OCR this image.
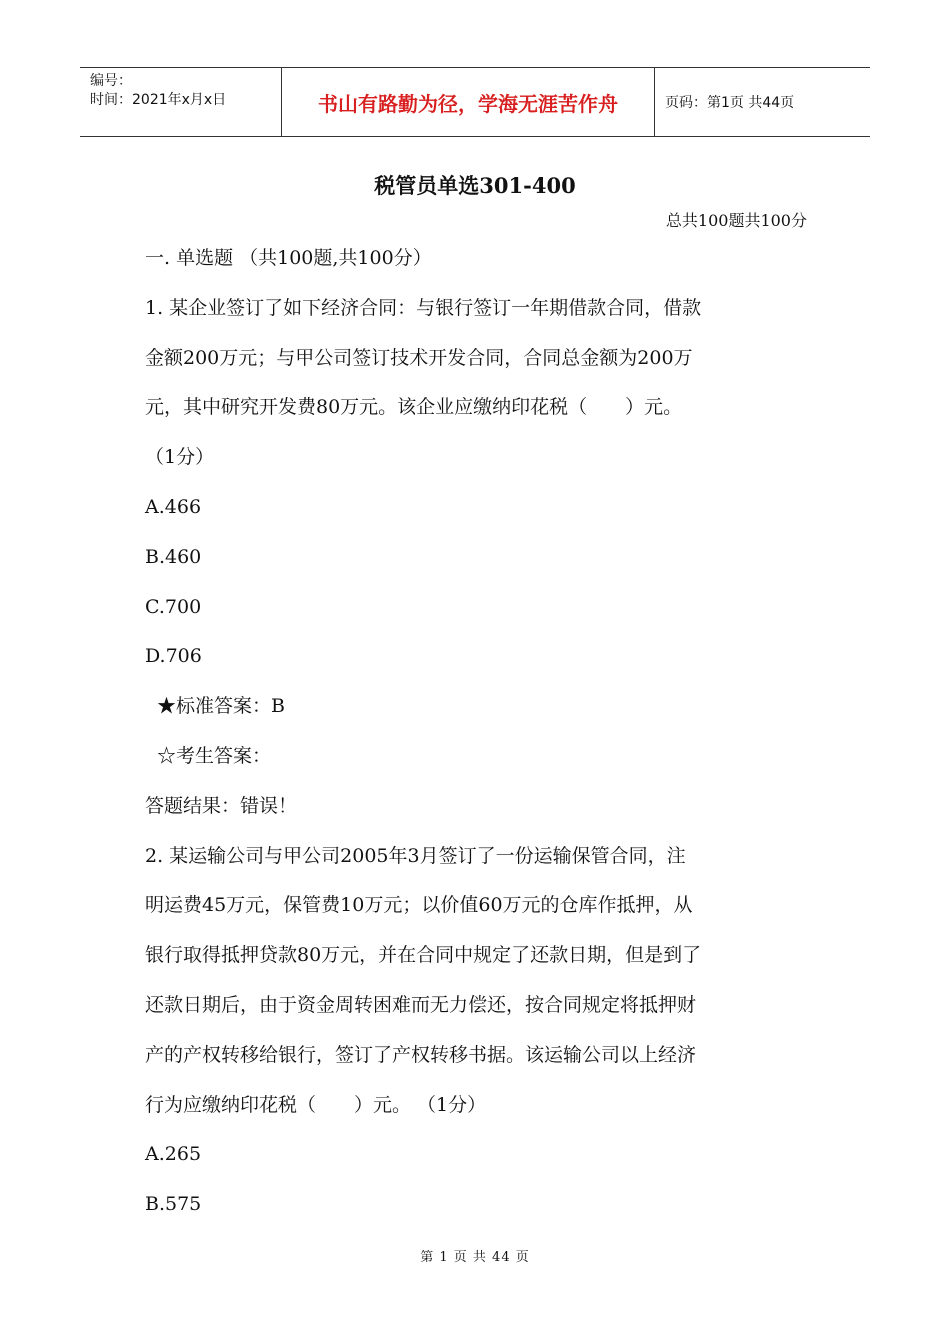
编号：
时间：2021年x月x日	书山有路勤为径，学海无涯苦作舟	页码：第1页 共44页
税管员单选301-400
总共100题共100分
一. 单选题 （共100题,共100分）
1. 某企业签订了如下经济合同：与银行签订一年期借款合同，借款
金额200万元；与甲公司签订技术开发合同，合同总金额为200万
元，其中研究开发费80万元。该企业应缴纳印花税（　　）元。
（1分）
A.466
B.460
C.700
D.706
★标准答案：B
☆考生答案：
答题结果：错误！
2. 某运输公司与甲公司2005年3月签订了一份运输保管合同，注
明运费45万元，保管费10万元；以价值60万元的仓库作抵押，从
银行取得抵押贷款80万元，并在合同中规定了还款日期，但是到了
还款日期后，由于资金周转困难而无力偿还，按合同规定将抵押财
产的产权转移给银行，签订了产权转移书据。该运输公司以上经济
行为应缴纳印花税（　　）元。 （1分）
A.265
B.575
第 1 页 共 44 页
